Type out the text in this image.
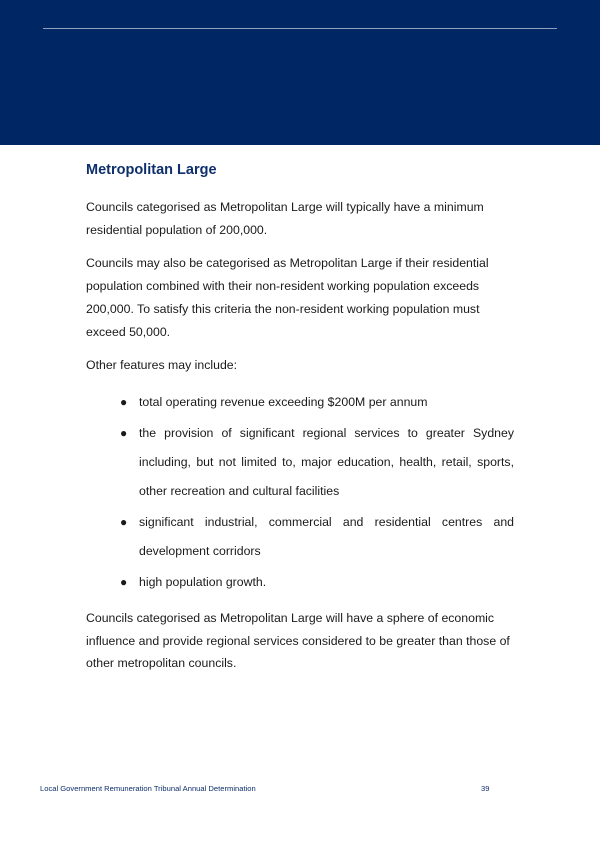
Metropolitan Large

Councils categorised as Metropolitan Large will typically have a minimum residential population of 200,000.

Councils may also be categorised as Metropolitan Large if their residential population combined with their non-resident working population exceeds 200,000. To satisfy this criteria the non-resident working population must exceed 50,000.

Other features may include:

● total operating revenue exceeding $200M per annum
● the provision of significant regional services to greater Sydney including, but not limited to, major education, health, retail, sports, other recreation and cultural facilities
● significant industrial, commercial and residential centres and development corridors
● high population growth.

Councils categorised as Metropolitan Large will have a sphere of economic influence and provide regional services considered to be greater than those of other metropolitan councils.

Local Government Remuneration Tribunal Annual Determination	39
